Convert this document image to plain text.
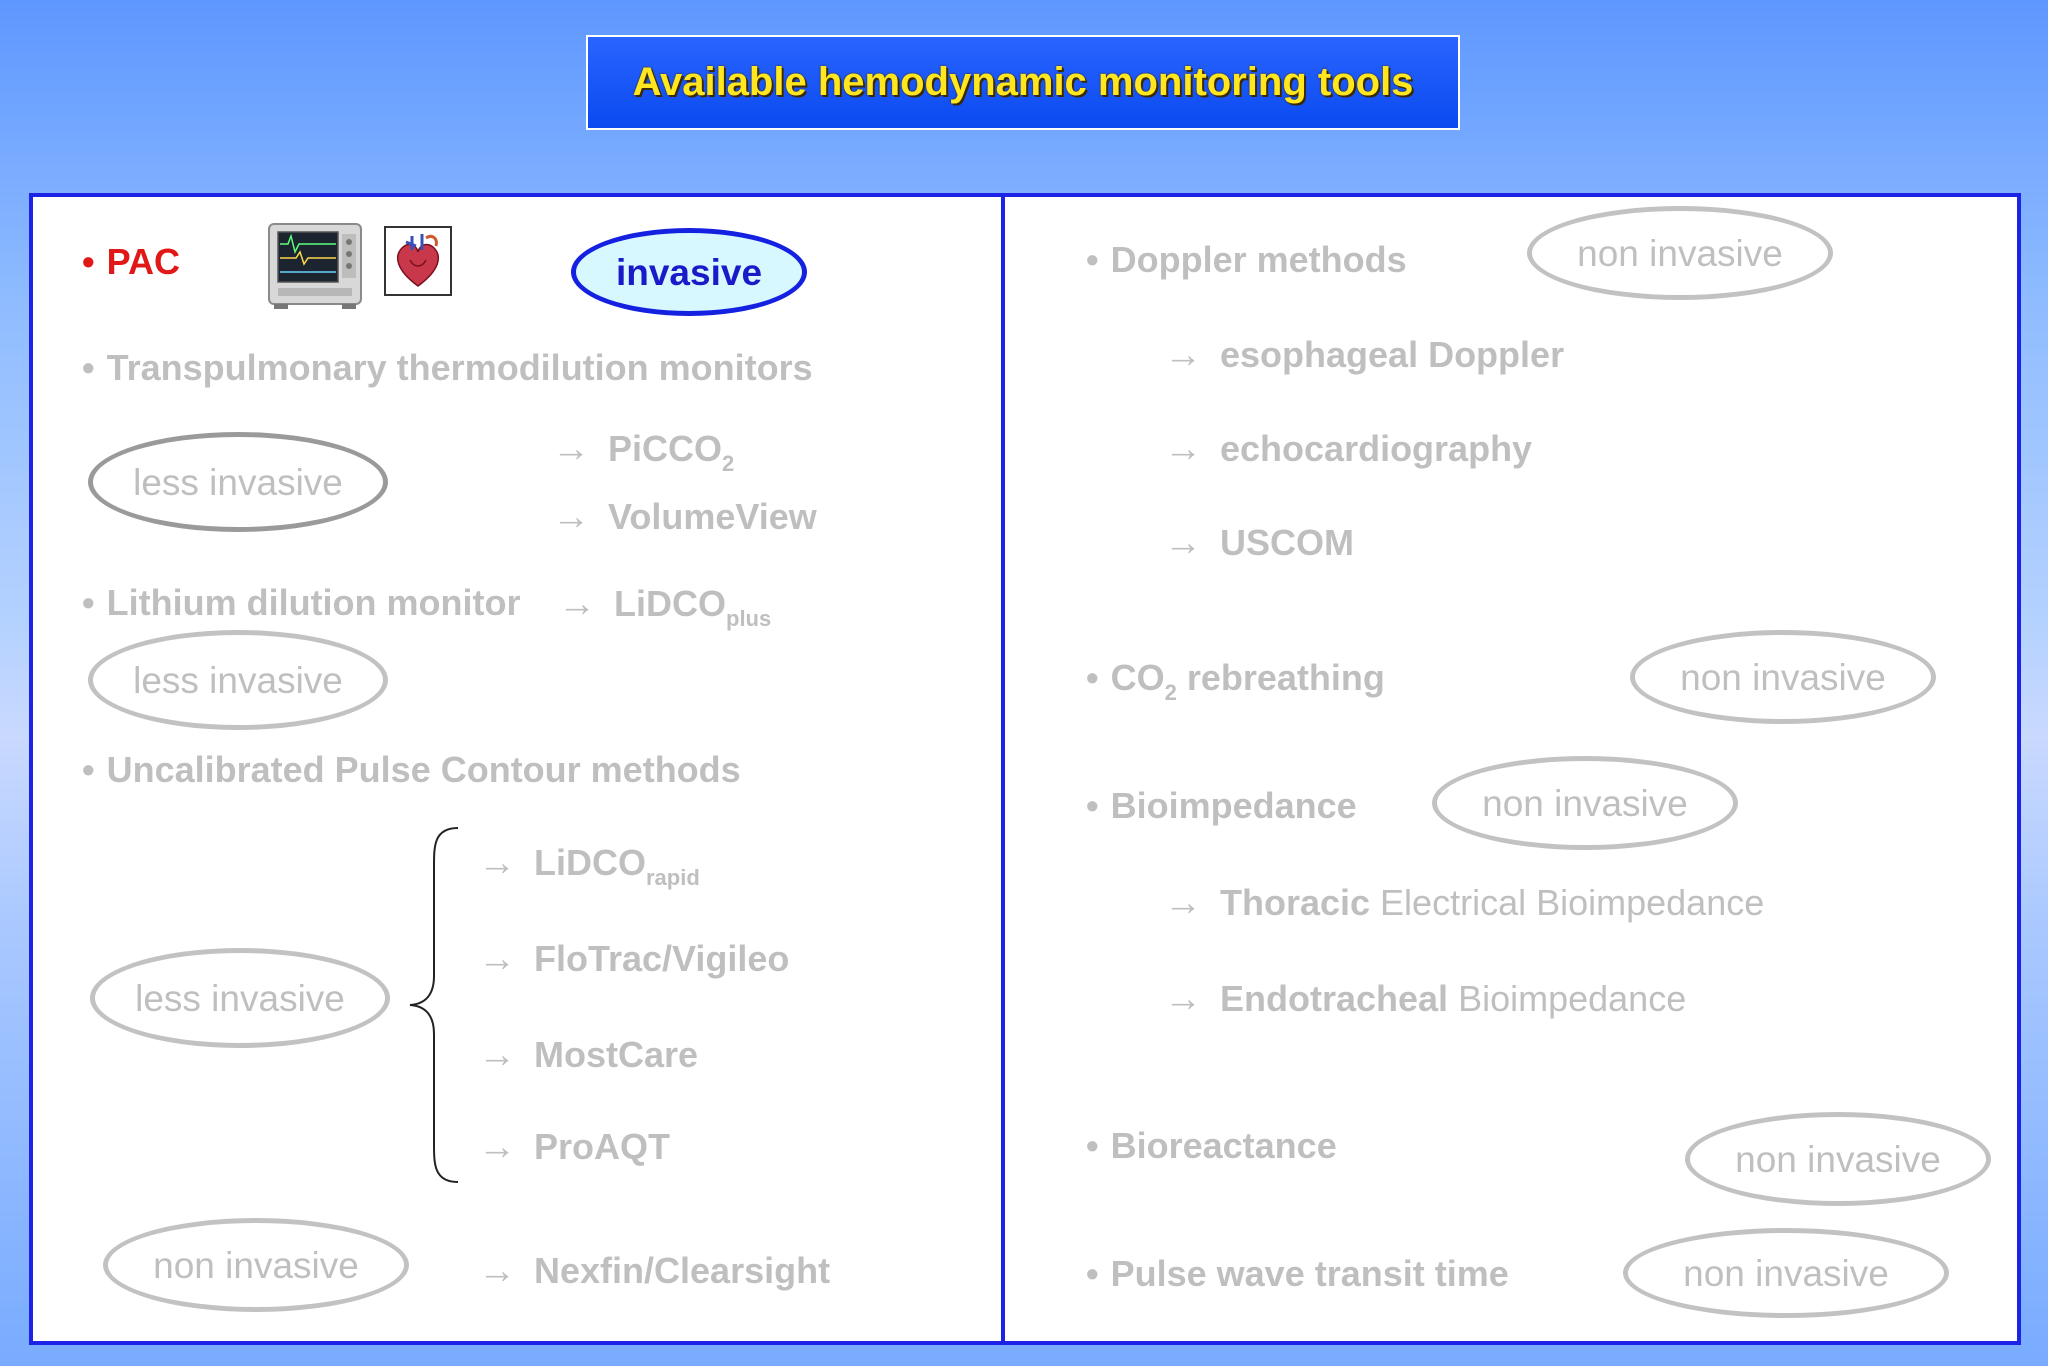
Available hemodynamic monitoring tools
• PAC	invasive
• Transpulmonary thermodilution monitors
less invasive
→ PiCCO$_2$
→ VolumeView
• Lithium dilution monitor → LiDCO$_{plus}$
less invasive
• Uncalibrated Pulse Contour methods
less invasive
→ LiDCO$_{rapid}$
→ FloTrac/Vigileo
→ MostCare
→ ProAQT
non invasive	→ Nexfin/Clearsight
• Doppler methods	non invasive
→ esophageal Doppler
→ echocardiography
→ USCOM
• $CO_2$ rebreathing	non invasive
• Bioimpedance	non invasive
→ Thoracic Electrical Bioimpedance
→ Endotracheal Bioimpedance
• Bioreactance	non invasive
• Pulse wave transit time	non invasive
